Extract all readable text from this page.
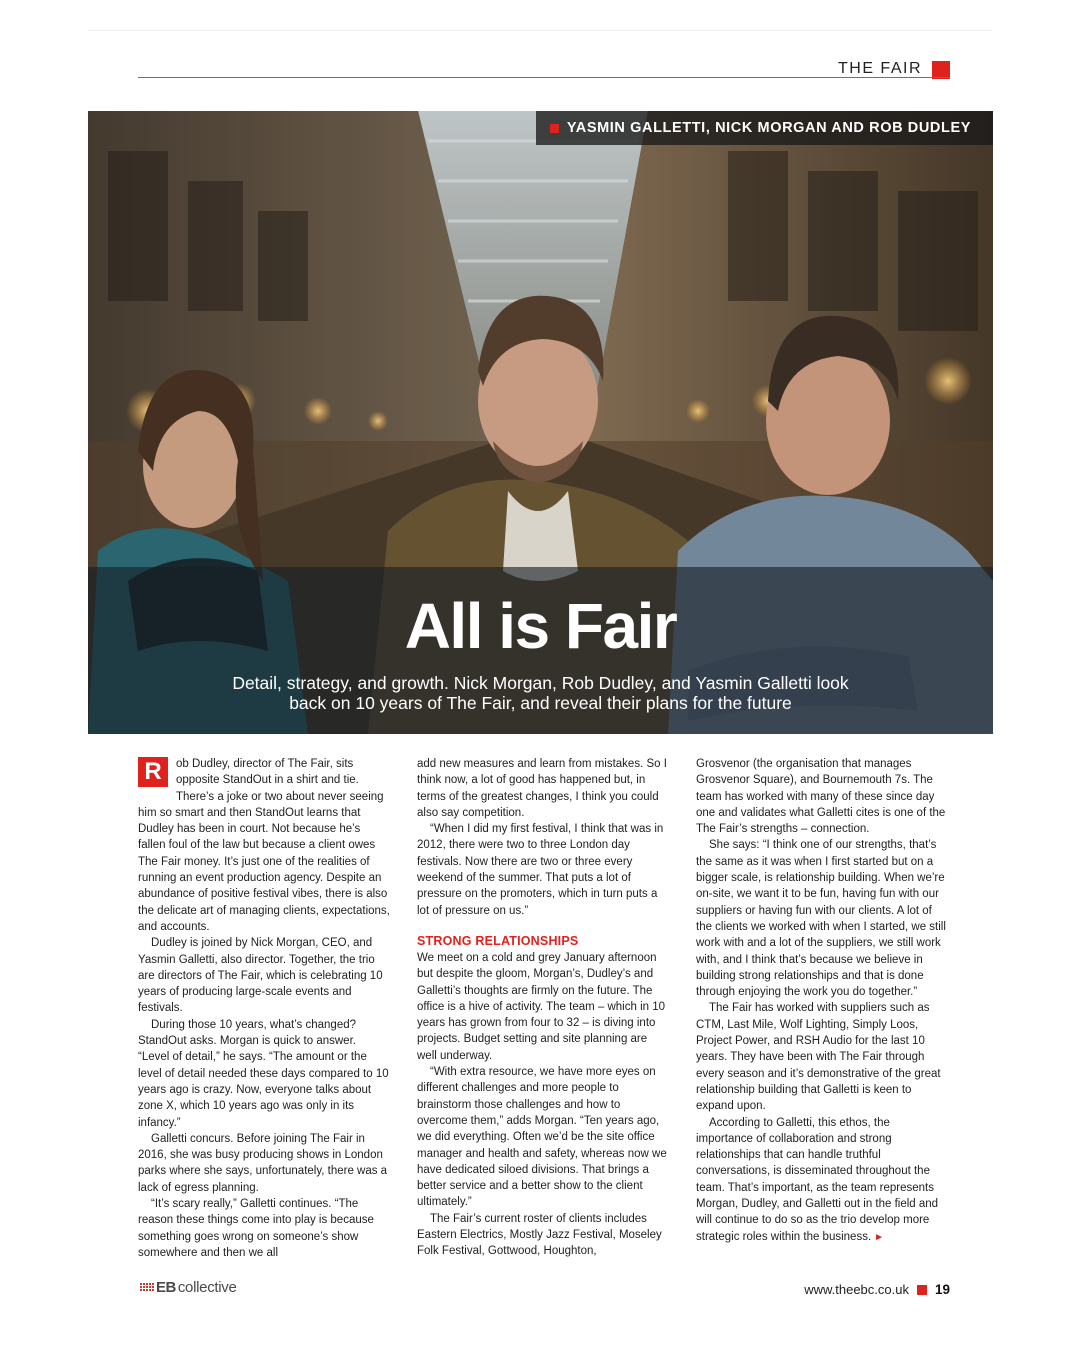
THE FAIR
YASMIN GALLETTI, NICK MORGAN AND ROB DUDLEY
All is Fair
Detail, strategy, and growth. Nick Morgan, Rob Dudley, and Yasmin Galletti look
back on 10 years of The Fair, and reveal their plans for the future

R	ob Dudley, director of The Fair, sits opposite StandOut in a shirt and tie. There’s a joke or two about never seeing him so smart and then StandOut learns that Dudley has been in court. Not because he’s fallen foul of the law but because a client owes The Fair money. It’s just one of the realities of running an event production agency. Despite an abundance of positive festival vibes, there is also the delicate art of managing clients, expectations, and accounts.

Dudley is joined by Nick Morgan, CEO, and Yasmin Galletti, also director. Together, the trio are directors of The Fair, which is celebrating 10 years of producing large-scale events and festivals.

During those 10 years, what’s changed? StandOut asks. Morgan is quick to answer. “Level of detail,” he says. “The amount or the level of detail needed these days compared to 10 years ago is crazy. Now, everyone talks about zone X, which 10 years ago was only in its infancy.”

Galletti concurs. Before joining The Fair in 2016, she was busy producing shows in London parks where she says, unfortunately, there was a lack of egress planning.

“It’s scary really,” Galletti continues. “The reason these things come into play is because something goes wrong on someone’s show somewhere and then we all

add new measures and learn from mistakes. So I think now, a lot of good has happened but, in terms of the greatest changes, I think you could also say competition.

“When I did my first festival, I think that was in 2012, there were two to three London day festivals. Now there are two or three every weekend of the summer. That puts a lot of pressure on the promoters, which in turn puts a lot of pressure on us.”

STRONG RELATIONSHIPS

We meet on a cold and grey January afternoon but despite the gloom, Morgan’s, Dudley’s and Galletti’s thoughts are firmly on the future. The office is a hive of activity. The team – which in 10 years has grown from four to 32 – is diving into projects. Budget setting and site planning are well underway.

“With extra resource, we have more eyes on different challenges and more people to brainstorm those challenges and how to overcome them,” adds Morgan. “Ten years ago, we did everything. Often we’d be the site office manager and health and safety, whereas now we have dedicated siloed divisions. That brings a better service and a better show to the client ultimately.”

The Fair’s current roster of clients includes Eastern Electrics, Mostly Jazz Festival, Moseley Folk Festival, Gottwood, Houghton,

Grosvenor (the organisation that manages Grosvenor Square), and Bournemouth 7s. The team has worked with many of these since day one and validates what Galletti cites is one of the The Fair’s strengths – connection.

She says: “I think one of our strengths, that’s the same as it was when I first started but on a bigger scale, is relationship building. When we’re on-site, we want it to be fun, having fun with our suppliers or having fun with our clients. A lot of the clients we worked with when I started, we still work with and a lot of the suppliers, we still work with, and I think that’s because we believe in building strong relationships and that is done through enjoying the work you do together.”

The Fair has worked with suppliers such as CTM, Last Mile, Wolf Lighting, Simply Loos, Project Power, and RSH Audio for the last 10 years. They have been with The Fair through every season and it’s demonstrative of the great relationship building that Galletti is keen to expand upon.

According to Galletti, this ethos, the importance of collaboration and strong relationships that can handle truthful conversations, is disseminated throughout the team. That’s important, as the team represents Morgan, Dudley, and Galletti out in the field and will continue to do so as the trio develop more strategic roles within the business. ►

EB collective	www.theebc.co.uk 19
